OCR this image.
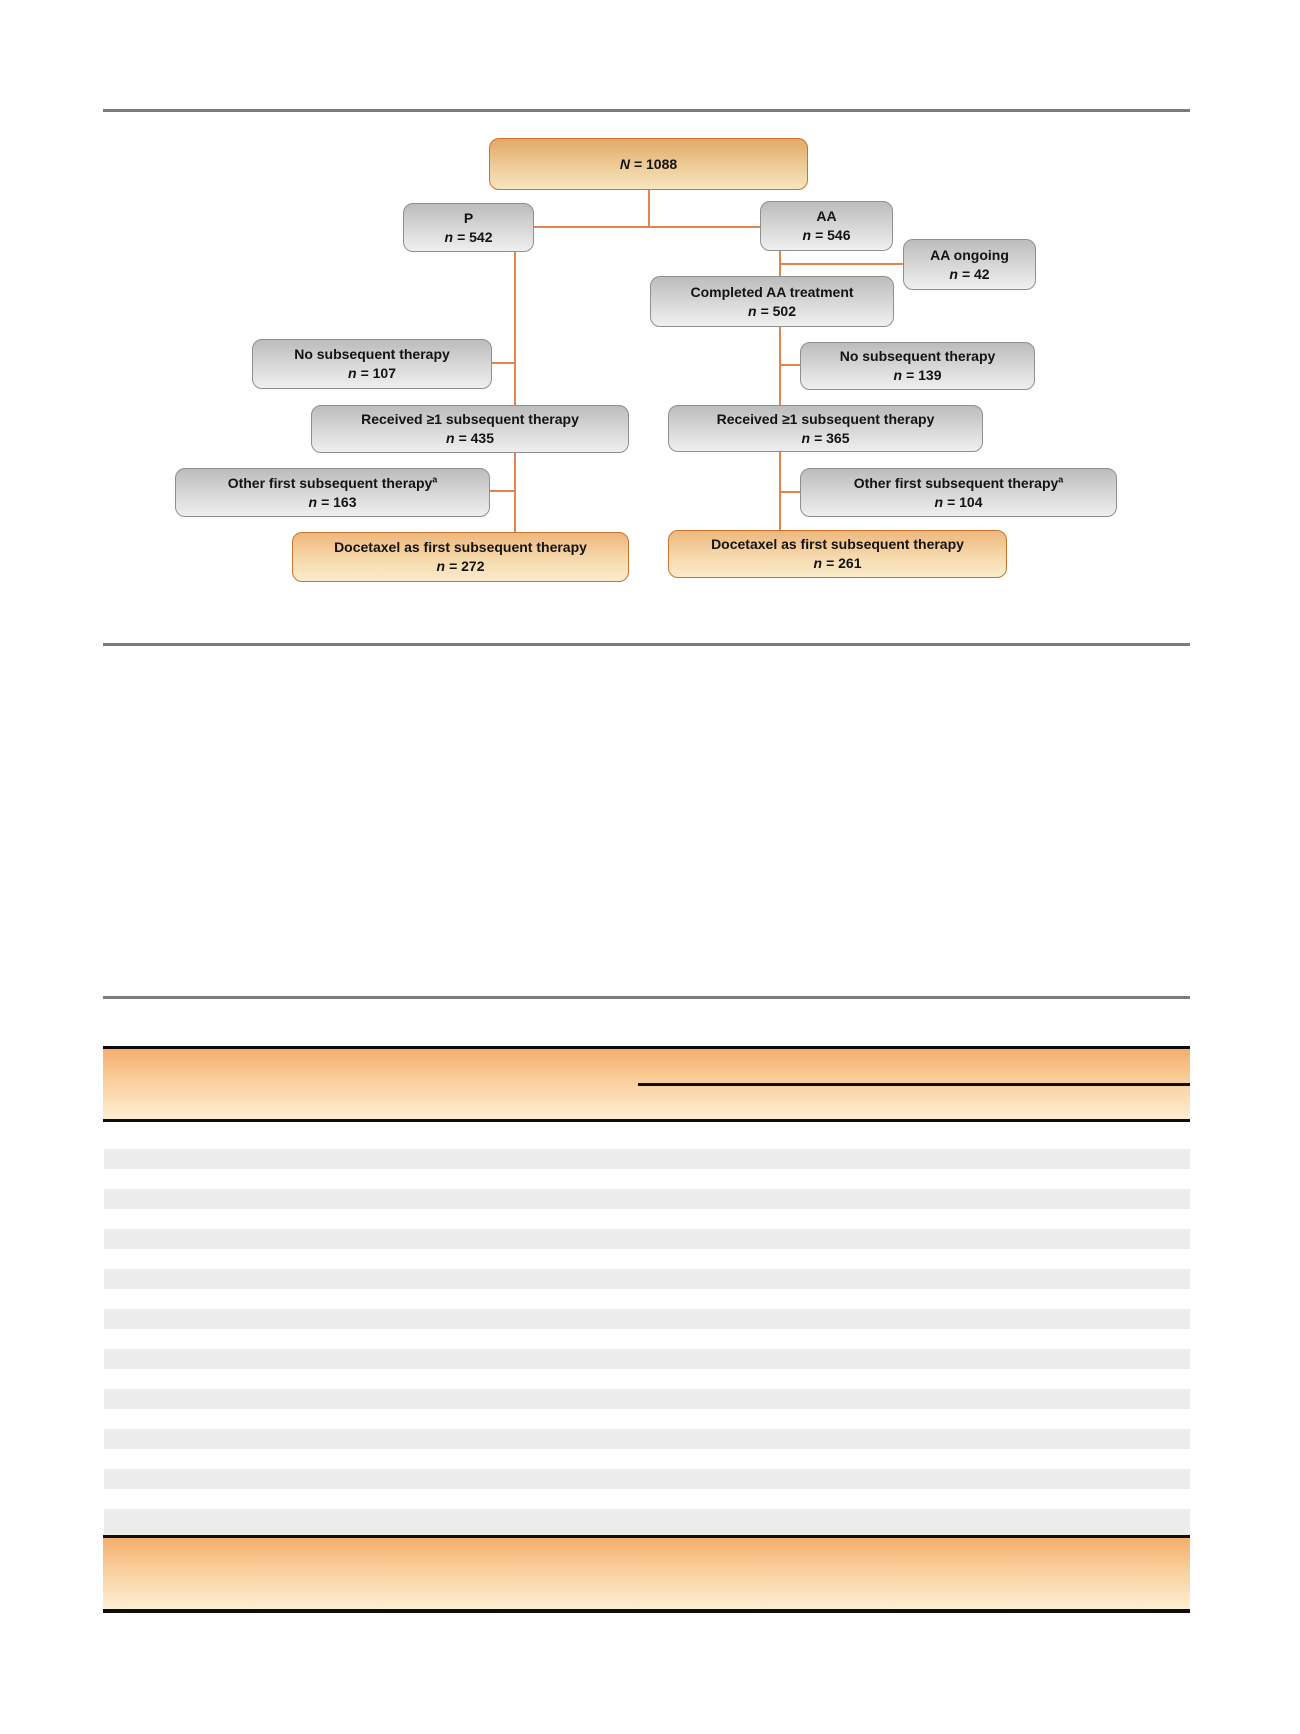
N = 1088
P
n = 542
AA
n = 546
AA ongoing
n = 42
Completed AA treatment
n = 502
No subsequent therapy
n = 107
No subsequent therapy
n = 139
Received ≥1 subsequent therapy
n = 435
Received ≥1 subsequent therapy
n = 365
Other first subsequent therapy$^a$
n = 163
Other first subsequent therapy$^a$
n = 104
Docetaxel as first subsequent therapy
n = 272
Docetaxel as first subsequent therapy
n = 261
